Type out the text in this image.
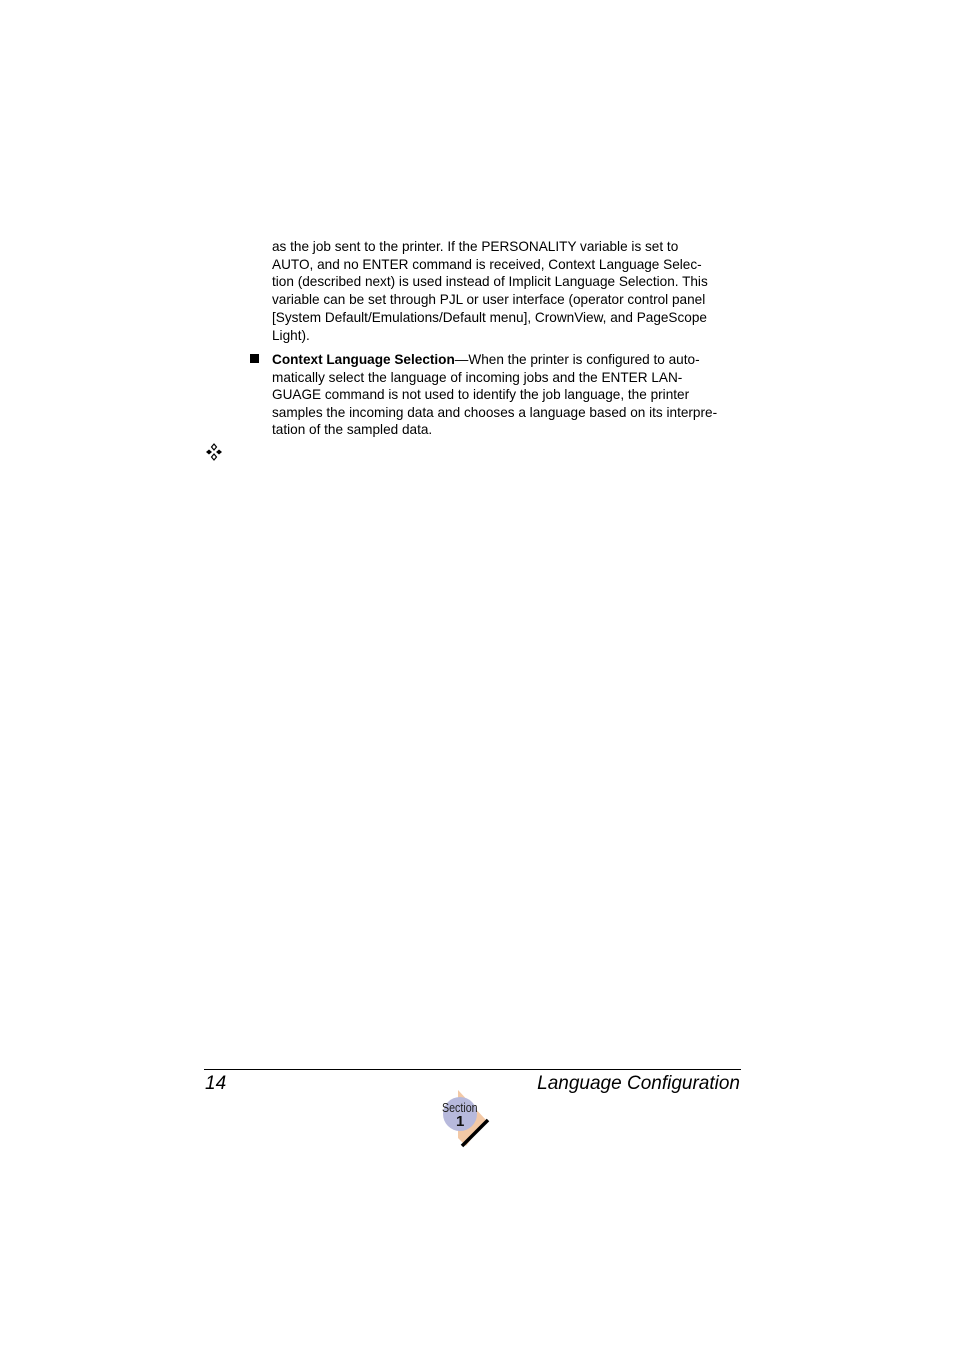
as the job sent to the printer. If the PERSONALITY variable is set to
AUTO, and no ENTER command is received, Context Language Selec-
tion (described next) is used instead of Implicit Language Selection. This
variable can be set through PJL or user interface (operator control panel
[System Default/Emulations/Default menu], CrownView, and PageScope
Light).
Context Language Selection—When the printer is configured to auto-
matically select the language of incoming jobs and the ENTER LAN-
GUAGE command is not used to identify the job language, the printer
samples the incoming data and chooses a language based on its interpre-
tation of the sampled data.
14	Language Configuration
Section
1
